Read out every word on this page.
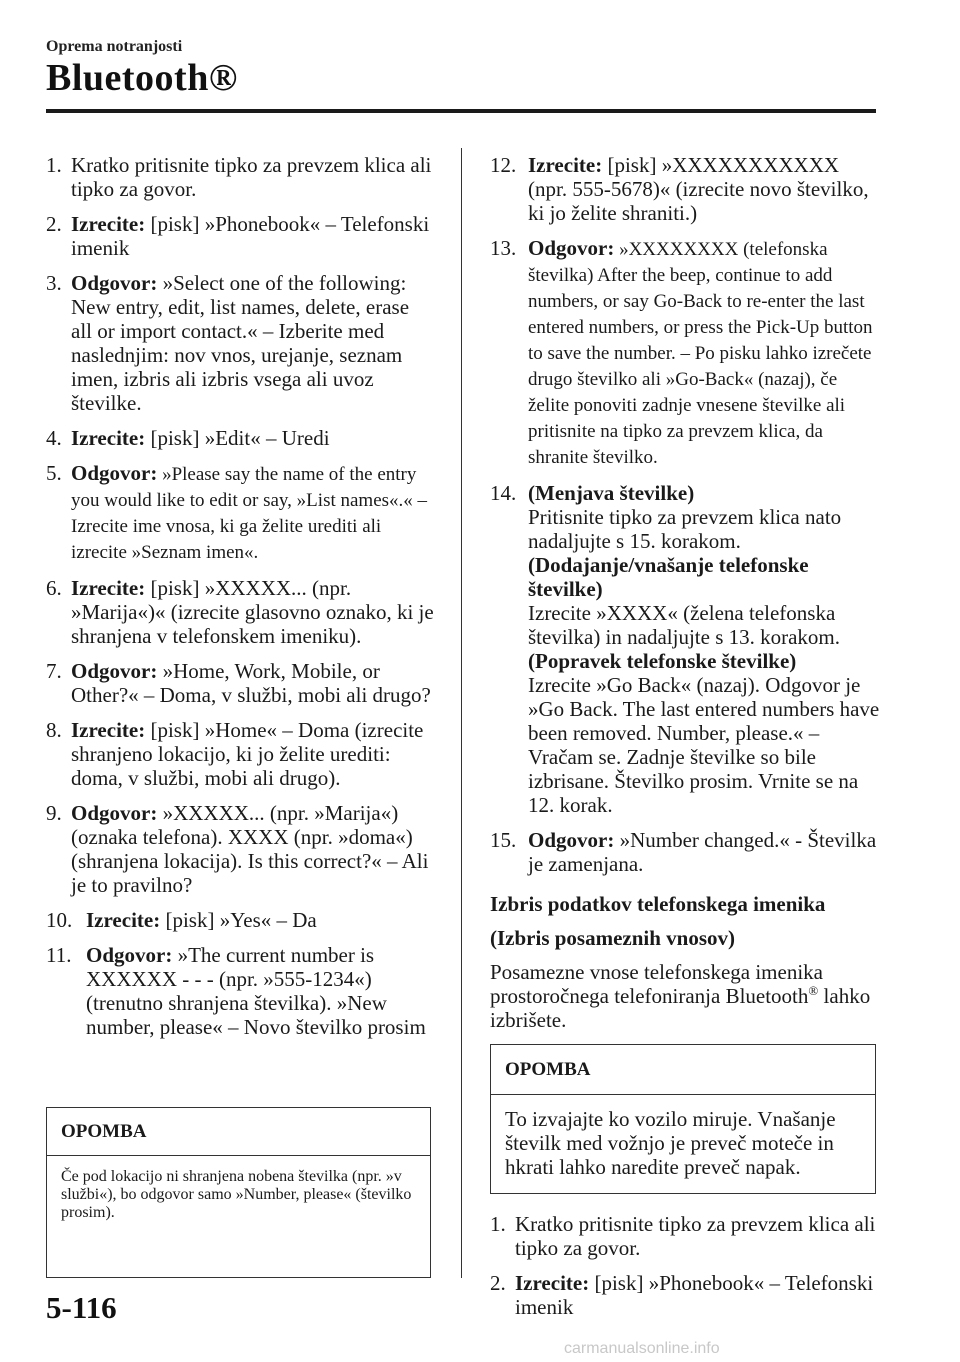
Oprema notranjosti
Bluetooth®
1. Kratko pritisnite tipko za prevzem klica ali tipko za govor.
2. Izrecite: [pisk] »Phonebook« – Telefonski imenik
3. Odgovor: »Select one of the following: New entry, edit, list names, delete, erase all or import contact.« – Izberite med naslednjim: nov vnos, urejanje, seznam imen, izbris ali izbris vsega ali uvoz številke.
4. Izrecite: [pisk] »Edit« – Uredi
5. Odgovor: »Please say the name of the entry you would like to edit or say, »List names«.« – Izrecite ime vnosa, ki ga želite urediti ali izrecite »Seznam imen«.
6. Izrecite: [pisk] »XXXXX... (npr. »Marija«)« (izrecite glasovno oznako, ki je shranjena v telefonskem imeniku).
7. Odgovor: »Home, Work, Mobile, or Other?« – Doma, v službi, mobi ali drugo?
8. Izrecite: [pisk] »Home« – Doma (izrecite shranjeno lokacijo, ki jo želite urediti: doma, v službi, mobi ali drugo).
9. Odgovor: »XXXXX... (npr. »Marija«) (oznaka telefona). XXXX (npr. »doma«) (shranjena lokacija). Is this correct?« – Ali je to pravilno?
10. Izrecite: [pisk] »Yes« – Da
11. Odgovor: »The current number is XXXXXX - - - (npr. »555-1234«) (trenutno shranjena številka). »New number, please« – Novo številko prosim
OPOMBA
Če pod lokacijo ni shranjena nobena številka (npr. »v službi«), bo odgovor samo »Number, please« (številko prosim).
12. Izrecite: [pisk] »XXXXXXXXXXX (npr. 555-5678)« (izrecite novo številko, ki jo želite shraniti.)
13. Odgovor: »XXXXXXXX (telefonska številka) After the beep, continue to add numbers, or say Go-Back to re-enter the last entered numbers, or press the Pick-Up button to save the number. – Po pisku lahko izrečete drugo številko ali »Go-Back« (nazaj), če želite ponoviti zadnje vnesene številke ali pritisnite na tipko za prevzem klica, da shranite številko.
14. (Menjava številke)
Pritisnite tipko za prevzem klica nato nadaljujte s 15. korakom.
(Dodajanje/vnašanje telefonske številke)
Izrecite »XXXX« (želena telefonska številka) in nadaljujte s 13. korakom.
(Popravek telefonske številke)
Izrecite »Go Back« (nazaj). Odgovor je »Go Back. The last entered numbers have been removed. Number, please.« – Vračam se. Zadnje številke so bile izbrisane. Številko prosim. Vrnite se na 12. korak.
15. Odgovor: »Number changed.« - Številka je zamenjana.
Izbris podatkov telefonskega imenika
(Izbris posameznih vnosov)
Posamezne vnose telefonskega imenika prostoročnega telefoniranja Bluetooth® lahko izbrišete.
OPOMBA
To izvajajte ko vozilo miruje. Vnašanje številk med vožnjo je preveč moteče in hkrati lahko naredite preveč napak.
1. Kratko pritisnite tipko za prevzem klica ali tipko za govor.
2. Izrecite: [pisk] »Phonebook« – Telefonski imenik
5-116
carmanualsonline.info
